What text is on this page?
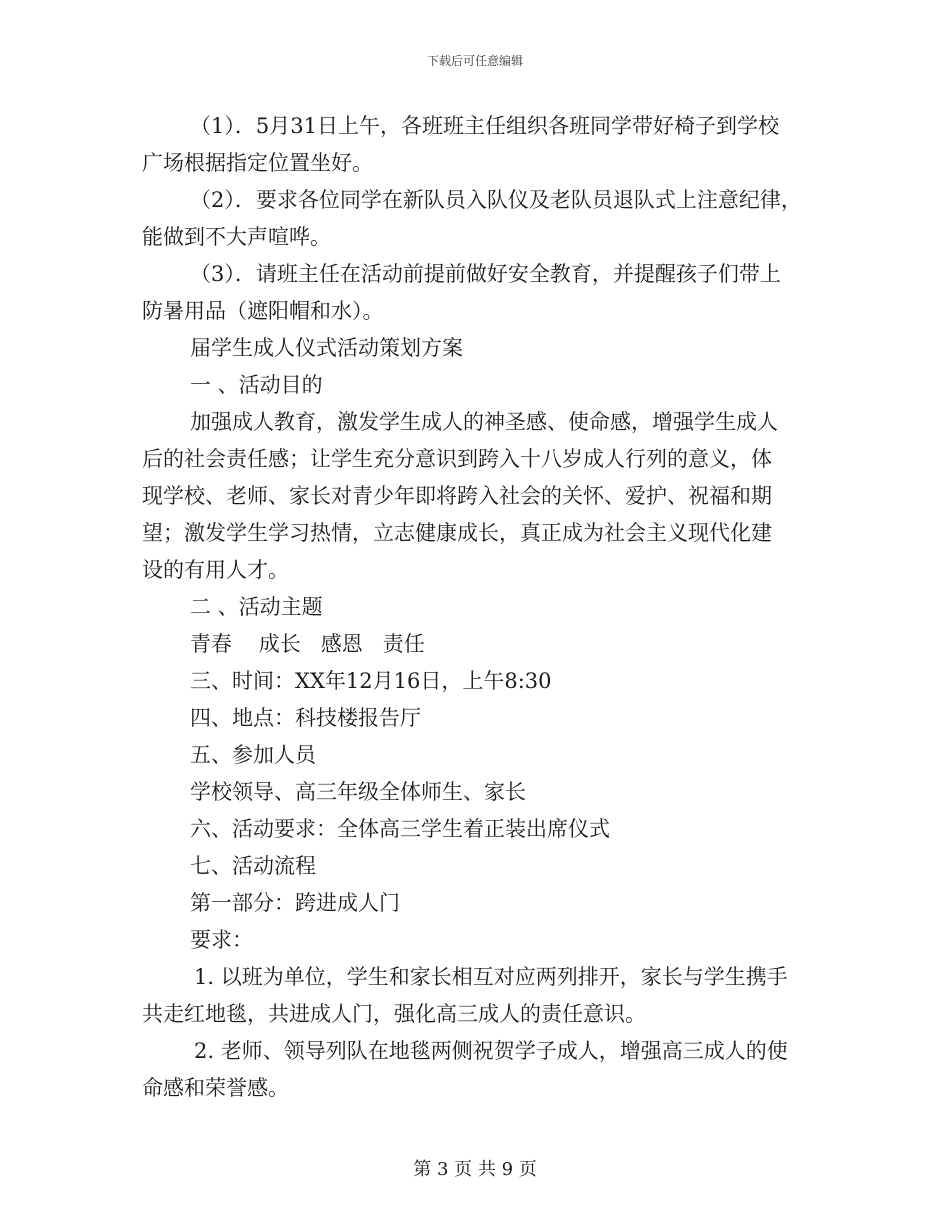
下载后可任意编辑
（1）．5月31日上午，各班班主任组织各班同学带好椅子到学校
广场根据指定位置坐好。
（2）．要求各位同学在新队员入队仪及老队员退队式上注意纪律，
能做到不大声喧哗。
（3）．请班主任在活动前提前做好安全教育，并提醒孩子们带上
防暑用品（遮阳帽和水）。
届学生成人仪式活动策划方案
一 、活动目的
加强成人教育，激发学生成人的神圣感、使命感，增强学生成人
后的社会责任感；让学生充分意识到跨入十八岁成人行列的意义，体
现学校、老师、家长对青少年即将跨入社会的关怀、爱护、祝福和期
望；激发学生学习热情，立志健康成长，真正成为社会主义现代化建
设的有用人才。
二 、活动主题
青春    成长   感恩   责任
三、时间：XX年12月16日，上午8:30
四、地点：科技楼报告厅
五、参加人员
学校领导、高三年级全体师生、家长
六、活动要求：全体高三学生着正装出席仪式
七、活动流程
第一部分：跨进成人门
要求：
1. 以班为单位，学生和家长相互对应两列排开，家长与学生携手
共走红地毯，共进成人门，强化高三成人的责任意识。
2. 老师、领导列队在地毯两侧祝贺学子成人，增强高三成人的使
命感和荣誉感。
第 3 页 共 9 页
